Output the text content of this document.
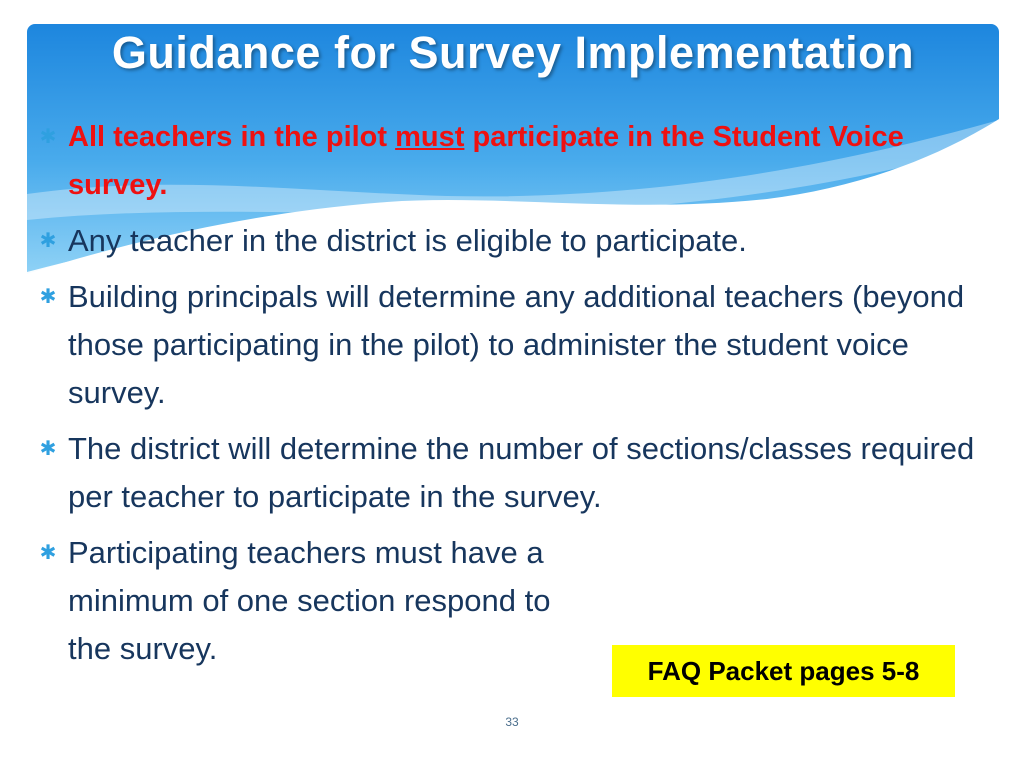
Guidance for Survey Implementation
✱ All teachers in the pilot must participate in the Student Voice survey.
✱ Any teacher in the district is eligible to participate.
✱ Building principals will determine any additional teachers (beyond those participating in the pilot) to administer the student voice survey.
✱ The district will determine the number of sections/classes required per teacher to participate in the survey.
✱ Participating teachers must have a minimum of one section respond to the survey.
FAQ Packet pages 5-8
33
